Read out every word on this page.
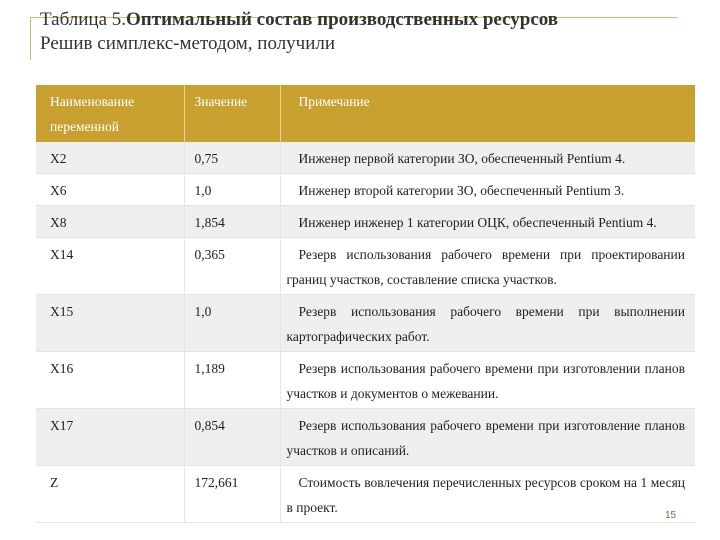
Таблица 5.Оптимальный состав производственных ресурсов
Решив симплекс-методом, получили
Наименование переменной	Значение	Примечание

X2	0,75	Инженер первой категории ЗО, обеспеченный Pentium 4.

X6	1,0	Инженер второй категории ЗО, обеспеченный Pentium 3.

X8	1,854	Инженер инженер 1 категории ОЦК, обеспеченный Pentium 4.

X14	0,365	Резерв использования рабочего времени при проектировании границ участков, составление списка участков.

X15	1,0	Резерв использования рабочего времени при выполнении картографических работ.

X16	1,189	Резерв использования рабочего времени при изготовлении планов участков и документов о межевании.

X17	0,854	Резерв использования рабочего времени при изготовление планов участков и описаний.

Z	172,661	Стоимость вовлечения перечисленных ресурсов сроком на 1 месяц в проект.
15
